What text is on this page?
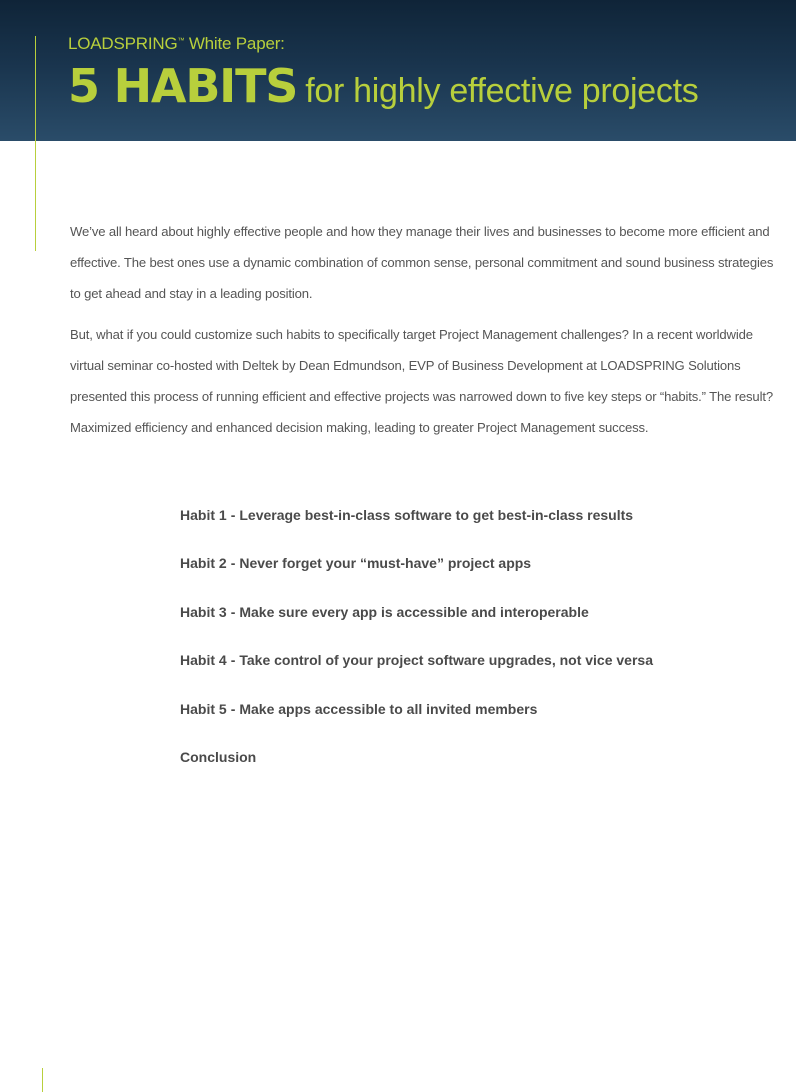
LOADSPRING™ White Paper:
5 HABITS for highly effective projects

We’ve all heard about highly effective people and how they manage their lives and businesses to become more efficient and effective. The best ones use a dynamic combination of common sense, personal commitment and sound business strategies to get ahead and stay in a leading position.

But, what if you could customize such habits to specifically target Project Management challenges? In a recent worldwide virtual seminar co-hosted with Deltek by Dean Edmundson, EVP of Business Development at LOADSPRING Solutions presented this process of running efficient and effective projects was narrowed down to five key steps or “habits.” The result? Maximized efficiency and enhanced decision making, leading to greater Project Management success.

Habit 1 - Leverage best-in-class software to get best-in-class results
Habit 2 - Never forget your “must-have” project apps
Habit 3 - Make sure every app is accessible and interoperable
Habit 4 - Take control of your project software upgrades, not vice versa
Habit 5 - Make apps accessible to all invited members
Conclusion
